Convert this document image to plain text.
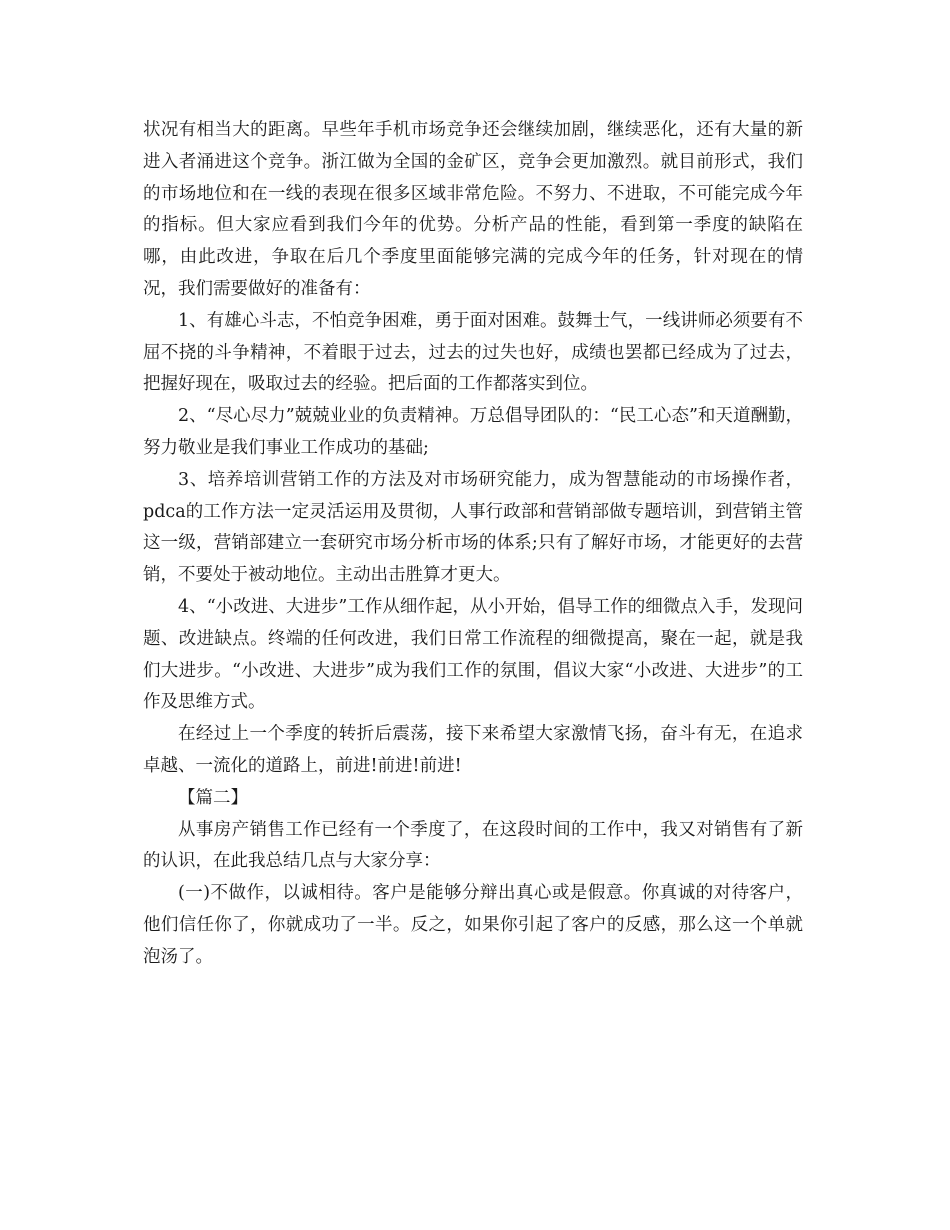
状况有相当大的距离。早些年手机市场竞争还会继续加剧，继续恶化，还有大量的新进入者涌进这个竞争。浙江做为全国的金矿区，竞争会更加激烈。就目前形式，我们的市场地位和在一线的表现在很多区域非常危险。不努力、不进取，不可能完成今年的指标。但大家应看到我们今年的优势。分析产品的性能，看到第一季度的缺陷在哪，由此改进，争取在后几个季度里面能够完满的完成今年的任务，针对现在的情况，我们需要做好的准备有：

1、有雄心斗志，不怕竞争困难，勇于面对困难。鼓舞士气，一线讲师必须要有不屈不挠的斗争精神，不着眼于过去，过去的过失也好，成绩也罢都已经成为了过去，把握好现在，吸取过去的经验。把后面的工作都落实到位。

2、“尽心尽力”兢兢业业的负责精神。万总倡导团队的：“民工心态”和天道酬勤，努力敬业是我们事业工作成功的基础;

3、培养培训营销工作的方法及对市场研究能力，成为智慧能动的市场操作者，pdca的工作方法一定灵活运用及贯彻，人事行政部和营销部做专题培训，到营销主管这一级，营销部建立一套研究市场分析市场的体系;只有了解好市场，才能更好的去营销，不要处于被动地位。主动出击胜算才更大。

4、“小改进、大进步”工作从细作起，从小开始，倡导工作的细微点入手，发现问题、改进缺点。终端的任何改进，我们日常工作流程的细微提高，聚在一起，就是我们大进步。“小改进、大进步”成为我们工作的氛围，倡议大家“小改进、大进步”的工作及思维方式。

在经过上一个季度的转折后震荡，接下来希望大家激情飞扬，奋斗有无，在追求卓越、一流化的道路上，前进!前进!前进!

【篇二】

从事房产销售工作已经有一个季度了，在这段时间的工作中，我又对销售有了新的认识，在此我总结几点与大家分享：

(一)不做作，以诚相待。客户是能够分辩出真心或是假意。你真诚的对待客户，他们信任你了，你就成功了一半。反之，如果你引起了客户的反感，那么这一个单就泡汤了。
